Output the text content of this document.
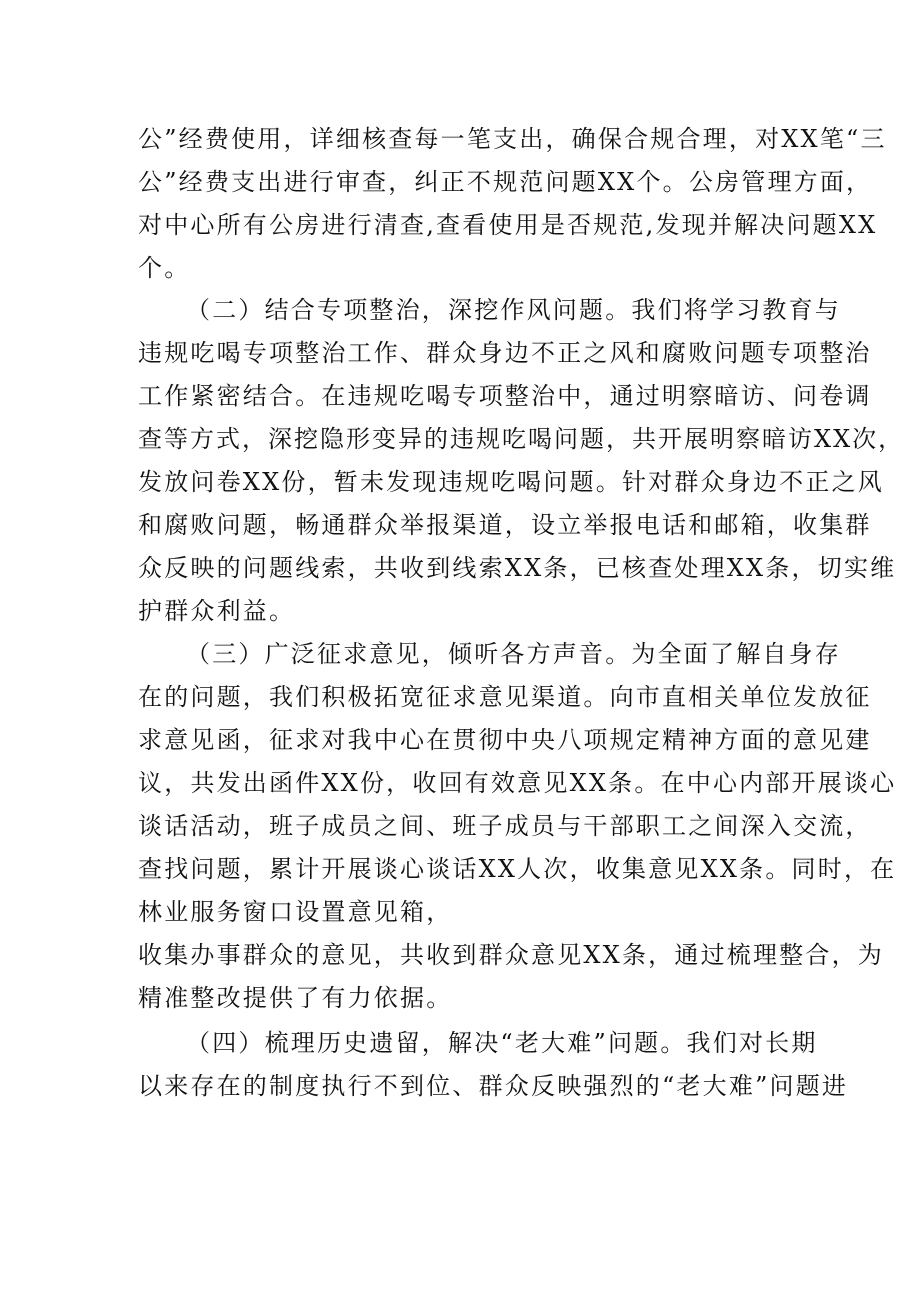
公”经费使用，详细核查每一笔支出，确保合规合理，对XX笔“三
公”经费支出进行审查，纠正不规范问题XX个。公房管理方面，
对中心所有公房进行清查,查看使用是否规范,发现并解决问题XX
个。
（二）结合专项整治，深挖作风问题。我们将学习教育与
违规吃喝专项整治工作、群众身边不正之风和腐败问题专项整治
工作紧密结合。在违规吃喝专项整治中，通过明察暗访、问卷调
查等方式，深挖隐形变异的违规吃喝问题，共开展明察暗访XX次，
发放问卷XX份，暂未发现违规吃喝问题。针对群众身边不正之风
和腐败问题，畅通群众举报渠道，设立举报电话和邮箱，收集群
众反映的问题线索，共收到线索XX条，已核查处理XX条，切实维
护群众利益。
（三）广泛征求意见，倾听各方声音。为全面了解自身存
在的问题，我们积极拓宽征求意见渠道。向市直相关单位发放征
求意见函，征求对我中心在贯彻中央八项规定精神方面的意见建
议，共发出函件XX份，收回有效意见XX条。在中心内部开展谈心
谈话活动，班子成员之间、班子成员与干部职工之间深入交流，
查找问题，累计开展谈心谈话XX人次，收集意见XX条。同时，在
林业服务窗口设置意见箱，
收集办事群众的意见，共收到群众意见XX条，通过梳理整合，为
精准整改提供了有力依据。
（四）梳理历史遗留，解决“老大难”问题。我们对长期
以来存在的制度执行不到位、群众反映强烈的“老大难”问题进
